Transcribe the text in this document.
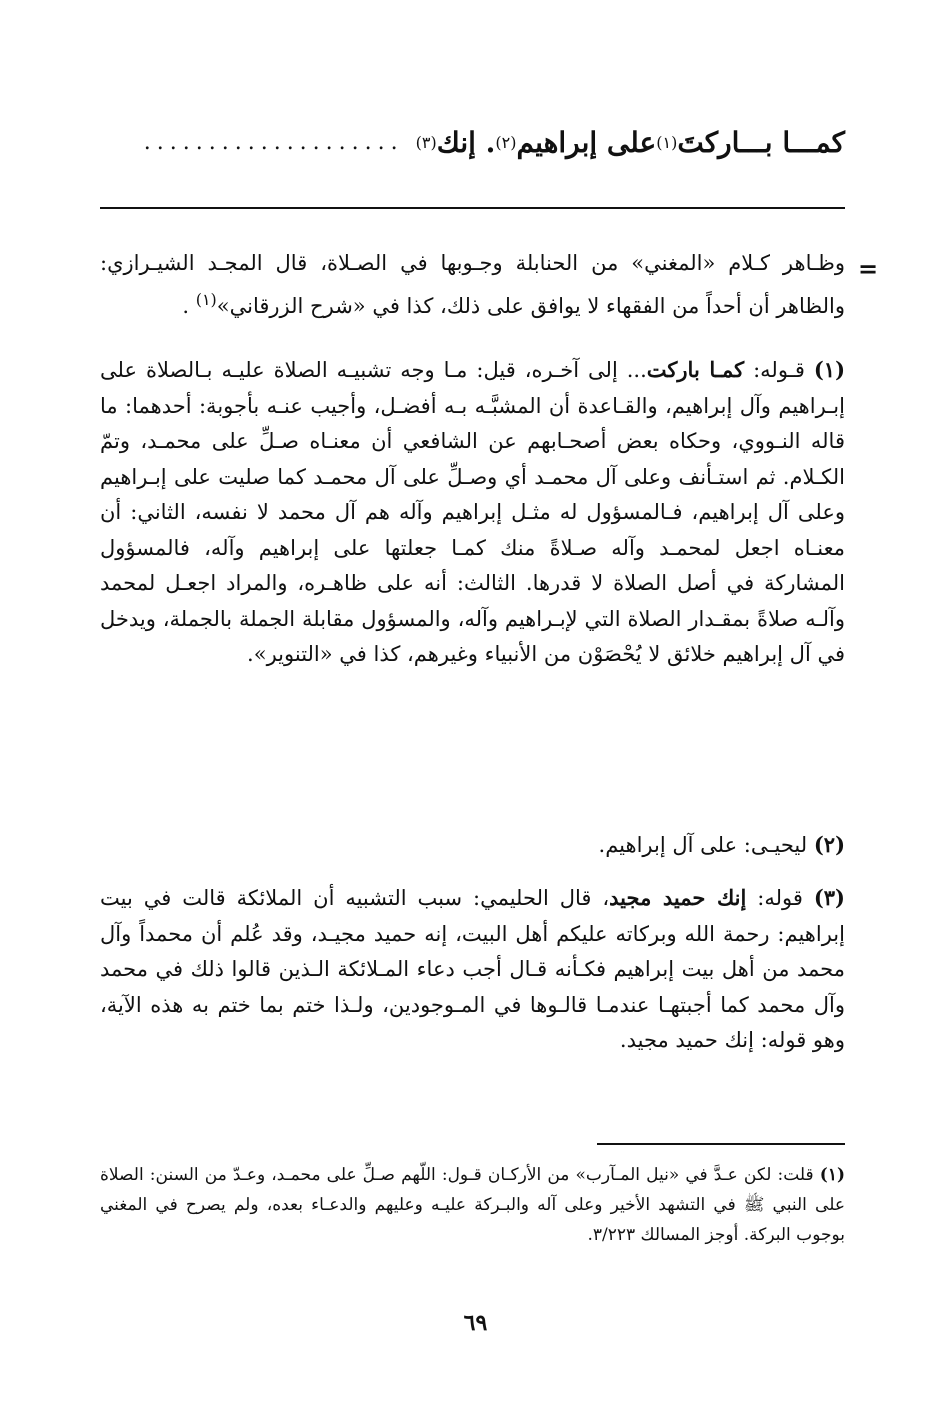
كمـــا بـــاركتَ
(١)
على إبراهيم
(٢)
. إنك
(٣)
....................
=
وظـاهر كـلام «المغني» من الحنابلة وجـوبها في الصـلاة، قال المجـد الشيـرازي: والظاهر أن أحداً من الفقهاء لا يوافق على ذلك، كذا في «شرح الزرقاني»$^{(١)}$ .
(١) قـوله: كمـا باركت... إلى آخـره، قيل: مـا وجه تشبيـه الصلاة عليـه بـالصلاة على إبـراهيم وآل إبراهيم، والقـاعدة أن المشبَّـه بـه أفضـل، وأجيب عنـه بأجوبة: أحدهما: ما قاله النـووي، وحكاه بعض أصحـابهم عن الشافعي أن معنـاه صـلِّ على محمـد، وتمّ الكـلام. ثم استـأنف وعلى آل محمـد أي وصـلِّ على آل محمـد كما صليت على إبـراهيم وعلى آل إبراهيم، فـالمسؤول له مثـل إبراهيم وآله هم آل محمد لا نفسه، الثاني: أن معنـاه اجعل لمحمـد وآله صـلاةً منك كمـا جعلتها على إبراهيم وآله، فالمسؤول المشاركة في أصل الصلاة لا قدرها. الثالث: أنه على ظاهـره، والمراد اجعـل لمحمد وآلـه صلاةً بمقـدار الصلاة التي لإبـراهيم وآله، والمسؤول مقابلة الجملة بالجملة، ويدخل في آل إبراهيم خلائق لا يُحْصَوْن من الأنبياء وغيرهم، كذا في «التنوير».
(٢) ليحيـى: على آل إبراهيم.
(٣) قوله: إنك حميد مجيد، قال الحليمي: سبب التشبيه أن الملائكة قالت في بيت إبراهيم: رحمة الله وبركاته عليكم أهل البيت، إنه حميد مجيـد، وقد عُلم أن محمداً وآل محمد من أهل بيت إبراهيم فكـأنه قـال أجب دعاء المـلائكة الـذين قالوا ذلك في محمد وآل محمد كما أجبتهـا عندمـا قالـوها في المـوجودين، ولـذا ختم بما ختم به هذه الآية، وهو قوله: إنك حميد مجيد.
(١) قلت: لكن عـدَّ في «نيل المـآرب» من الأركـان قـول: اللّهم صـلِّ على محمـد، وعـدّ من السنن: الصلاة على النبي ﷺ في التشهد الأخير وعلى آله والبـركة عليـه وعليهم والدعـاء بعده، ولم يصرح في المغني بوجوب البركة. أوجز المسالك ٣/٢٢٣.
٦٩
